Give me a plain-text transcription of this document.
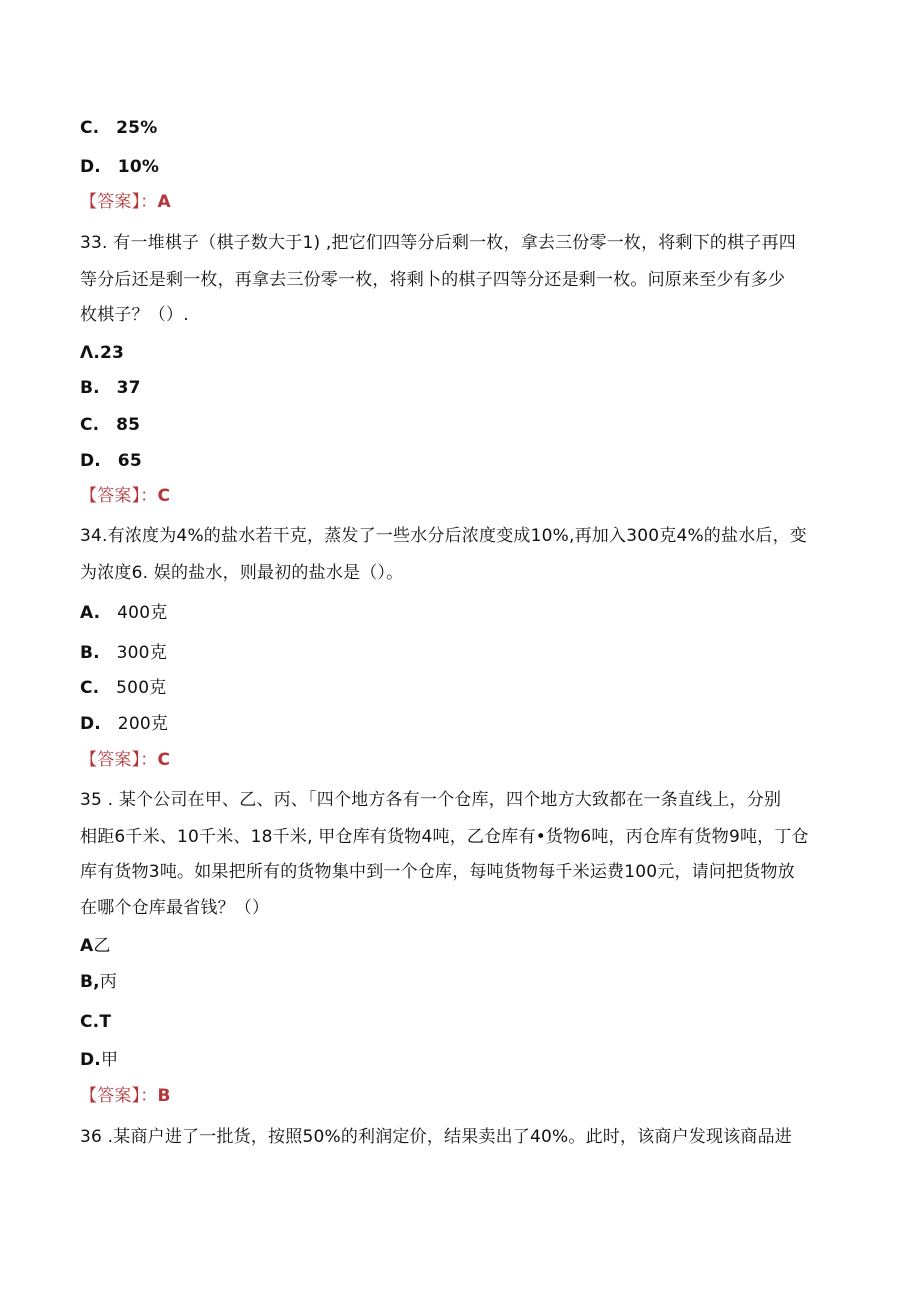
C. 25%
D. 10%
【答案】：A
33. 有一堆棋子（棋子数大于1) ,把它们四等分后剩一枚，拿去三份零一枚，将剩下的棋子再四
等分后还是剩一枚，再拿去三份零一枚，将剩卜的棋子四等分还是剩一枚。问原来至少有多少
枚棋子？（）.
Λ.23
B. 37
C. 85
D. 65
【答案】：C
34.有浓度为4%的盐水若干克，蒸发了一些水分后浓度变成10%,再加入300克4%的盐水后，变
为浓度6. 娱的盐水，则最初的盐水是（）。
A. 400克
B. 300克
C. 500克
D. 200克
【答案】：C
35 . 某个公司在甲、乙、丙、「四个地方各有一个仓库，四个地方大致都在一条直线上，分别
相距6千米、10千米、18千米, 甲仓库有货物4吨，乙仓库有•货物6吨，丙仓库有货物9吨，丁仓
库有货物3吨。如果把所有的货物集中到一个仓库，每吨货物每千米运费100元，请问把货物放
在哪个仓库最省钱？（）
A乙
B,丙
C.T
D.甲
【答案】：B
36 .某商户进了一批货，按照50%的利润定价，结果卖出了40%。此时，该商户发现该商品进
